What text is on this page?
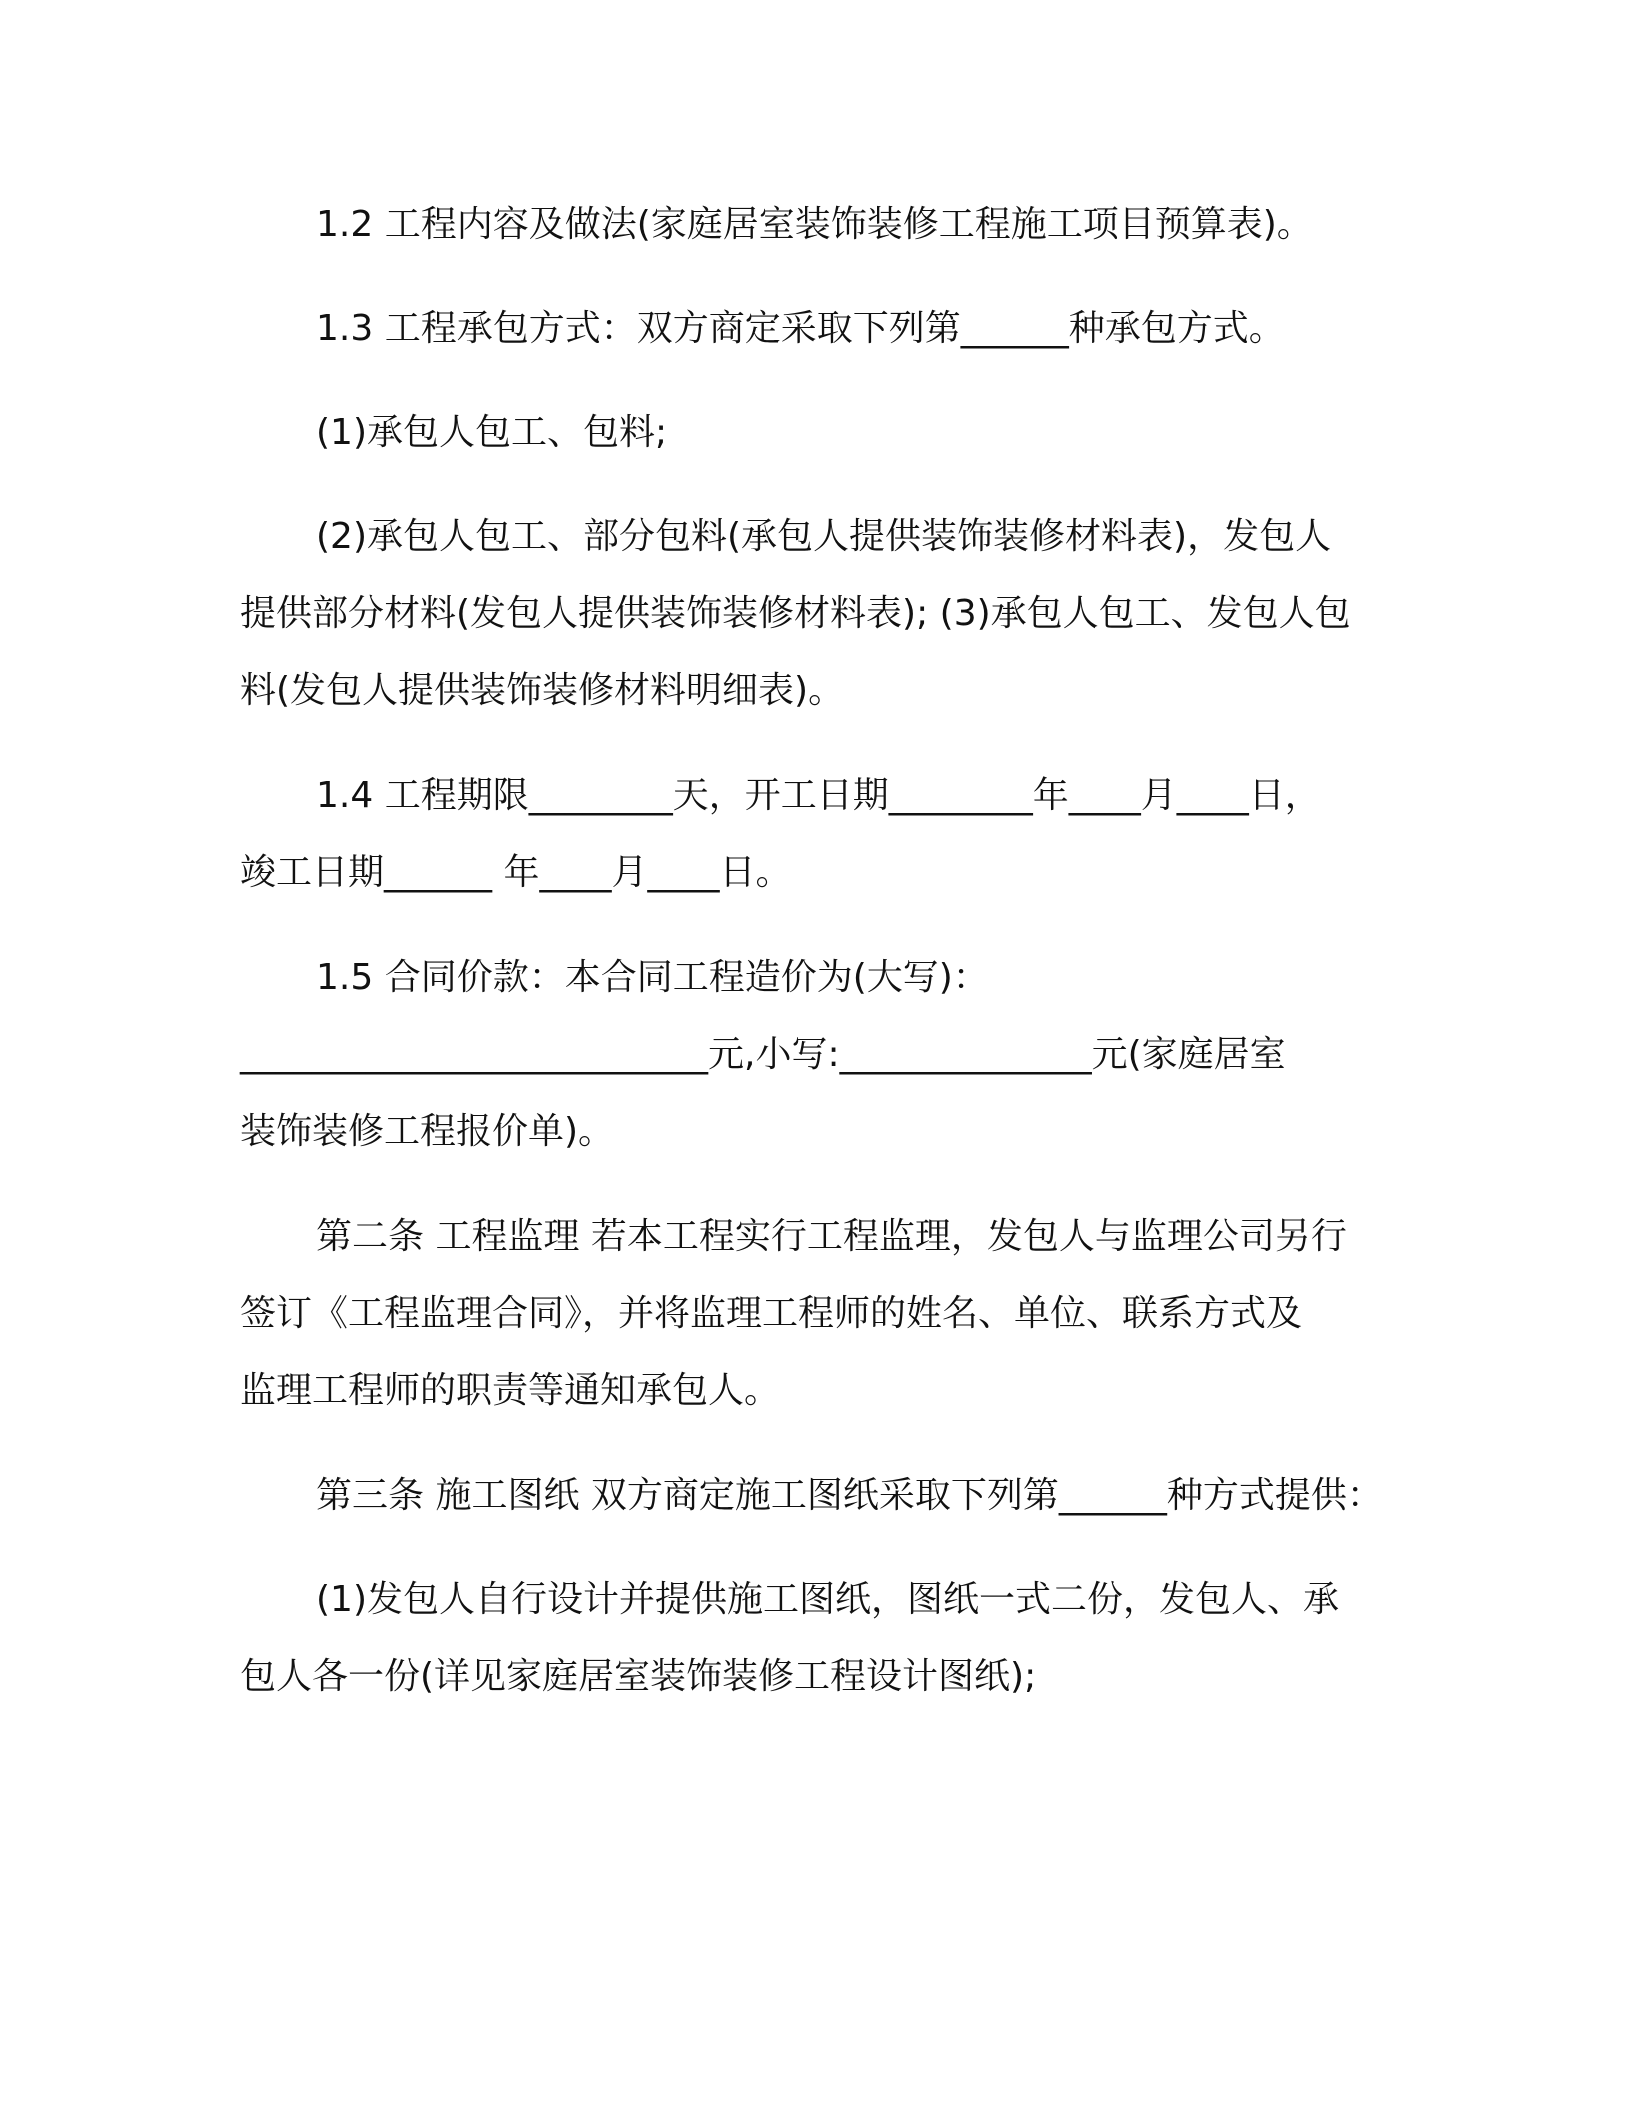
1.2 工程内容及做法(家庭居室装饰装修工程施工项目预算表)。
1.3 工程承包方式：双方商定采取下列第______种承包方式。
(1)承包人包工、包料;
(2)承包人包工、部分包料(承包人提供装饰装修材料表)，发包人
提供部分材料(发包人提供装饰装修材料表); (3)承包人包工、发包人包
料(发包人提供装饰装修材料明细表)。
1.4 工程期限________天，开工日期________年____月____日，
竣工日期______ 年____月____日。
1.5 合同价款：本合同工程造价为(大写)：
__________________________元,小写:______________元(家庭居室
装饰装修工程报价单)。
第二条 工程监理 若本工程实行工程监理，发包人与监理公司另行
签订《工程监理合同》，并将监理工程师的姓名、单位、联系方式及
监理工程师的职责等通知承包人。
第三条 施工图纸 双方商定施工图纸采取下列第______种方式提供：
(1)发包人自行设计并提供施工图纸，图纸一式二份，发包人、承
包人各一份(详见家庭居室装饰装修工程设计图纸);
